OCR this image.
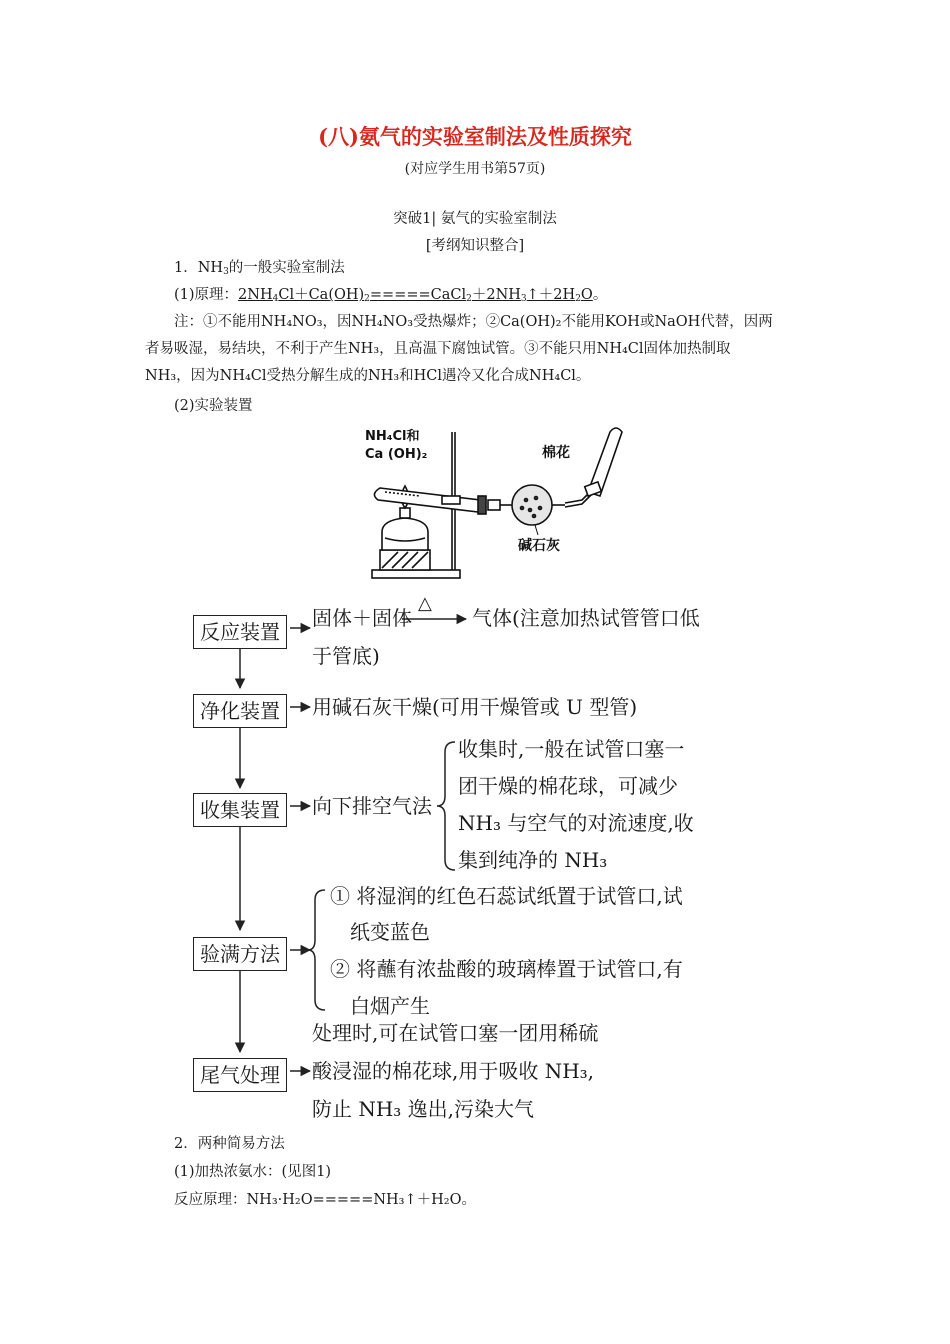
(八)氨气的实验室制法及性质探究
(对应学生用书第57页)
突破1| 氨气的实验室制法
[考纲知识整合]
1．$NH_3$的一般实验室制法
(1)原理：$2NH_4Cl+Ca(OH)_2=====CaCl_2+2NH_3↑+2H_2O$。
注：①不能用NH₄NO₃，因NH₄NO₃受热爆炸；②Ca(OH)₂不能用KOH或NaOH代替，因两
者易吸湿，易结块，不利于产生NH₃，且高温下腐蚀试管。③不能只用NH₄Cl固体加热制取
NH₃，因为NH₄Cl受热分解生成的NH₃和HCl遇冷又化合成NH₄Cl。
(2)实验装置
NH₄Cl和
Ca (OH)₂	棉花
碱石灰
反应装置
净化装置
收集装置
验满方法
尾气处理
固体＋固体
△
气体(注意加热试管管口低
于管底)
用碱石灰干燥(可用干燥管或 U 型管)
向下排空气法
收集时,一般在试管口塞一
团干燥的棉花球，可减少
NH₃ 与空气的对流速度,收
集到纯净的 NH₃
① 将湿润的红色石蕊试纸置于试管口,试
纸变蓝色
② 将蘸有浓盐酸的玻璃棒置于试管口,有
白烟产生
处理时,可在试管口塞一团用稀硫
酸浸湿的棉花球,用于吸收 NH₃,
防止 NH₃ 逸出,污染大气
2．两种简易方法
(1)加热浓氨水：(见图1)
反应原理：NH₃·H₂O=====NH₃↑＋H₂O。
